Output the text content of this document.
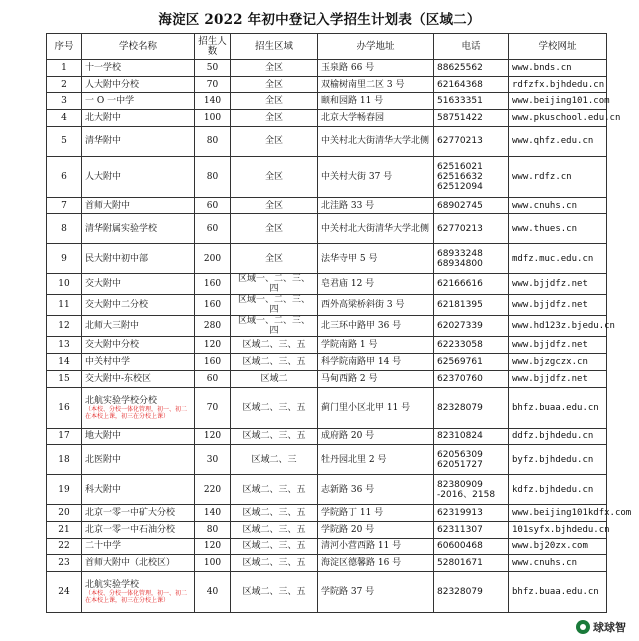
海淀区 2022 年初中登记入学招生计划表（区域二）
序号	学校名称	招生人数	招生区域	办学地址	电话	学校网址
1	十一学校	50	全区	玉泉路 66 号	88625562	www.bnds.cn
2	人大附中分校	70	全区	双榆树南里二区 3 号	62164368	rdfzfx.bjhdedu.cn
3	一 O 一中学	140	全区	颐和园路 11 号	51633351	www.beijing101.com
4	北大附中	100	全区	北京大学畅春园	58751422	www.pkuschool.edu.cn
5	清华附中	80	全区	中关村北大街清华大学北侧	62770213	www.qhfz.edu.cn
6	人大附中	80	全区	中关村大街 37 号	62516021
62516632
62512094	www.rdfz.cn
7	首师大附中	60	全区	北洼路 33 号	68902745	www.cnuhs.cn
8	清华附属实验学校	60	全区	中关村北大街清华大学北侧	62770213	www.thues.cn
9	民大附中初中部	200	全区	法华寺甲 5 号	68933248
68934800	mdfz.muc.edu.cn
10	交大附中	160	区域一、二、三、四	皂君庙 12 号	62166616	www.bjjdfz.net
11	交大附中二分校	160	区域一、二、三、四	西外高梁桥斜街 3 号	62181395	www.bjjdfz.net
12	北师大三附中	280	区域一、二、三、四	北三环中路甲 36 号	62027339	www.hd123z.bjedu.cn
13	交大附中分校	120	区域二、三、五	学院南路 1 号	62233058	www.bjjdfz.net
14	中关村中学	160	区域二、三、五	科学院南路甲 14 号	62569761	www.bjzgczx.cn
15	交大附中-东校区	60	区域二	马甸西路 2 号	62370760	www.bjjdfz.net
16	北航实验学校分校
（本校、分校一体化管理，初一、初二在本校上课，初三在分校上课）	70	区域二、三、五	蓟门里小区北甲 11 号	82328079	bhfz.buaa.edu.cn
17	地大附中	120	区域二、三、五	成府路 20 号	82310824	ddfz.bjhdedu.cn
18	北医附中	30	区域二、三	牡丹园北里 2 号	62056309
62051727	byfz.bjhdedu.cn
19	科大附中	220	区域二、三、五	志新路 36 号	82380909
-2016、2158	kdfz.bjhdedu.cn
20	北京一零一中矿大分校	140	区域二、三、五	学院路丁 11 号	62319913	www.beijing101kdfx.com
21	北京一零一中石油分校	80	区域二、三、五	学院路 20 号	62311307	101syfx.bjhdedu.cn
22	二十中学	120	区域二、三、五	清河小营西路 11 号	60600468	www.bj20zx.com
23	首师大附中（北校区）	100	区域二、三、五	海淀区德馨路 16 号	52801671	www.cnuhs.cn
24	北航实验学校
（本校、分校一体化管理，初一、初二在本校上课，初三在分校上课）	40	区域二、三、五	学院路 37 号	82328079	bhfz.buaa.edu.cn
球球智
